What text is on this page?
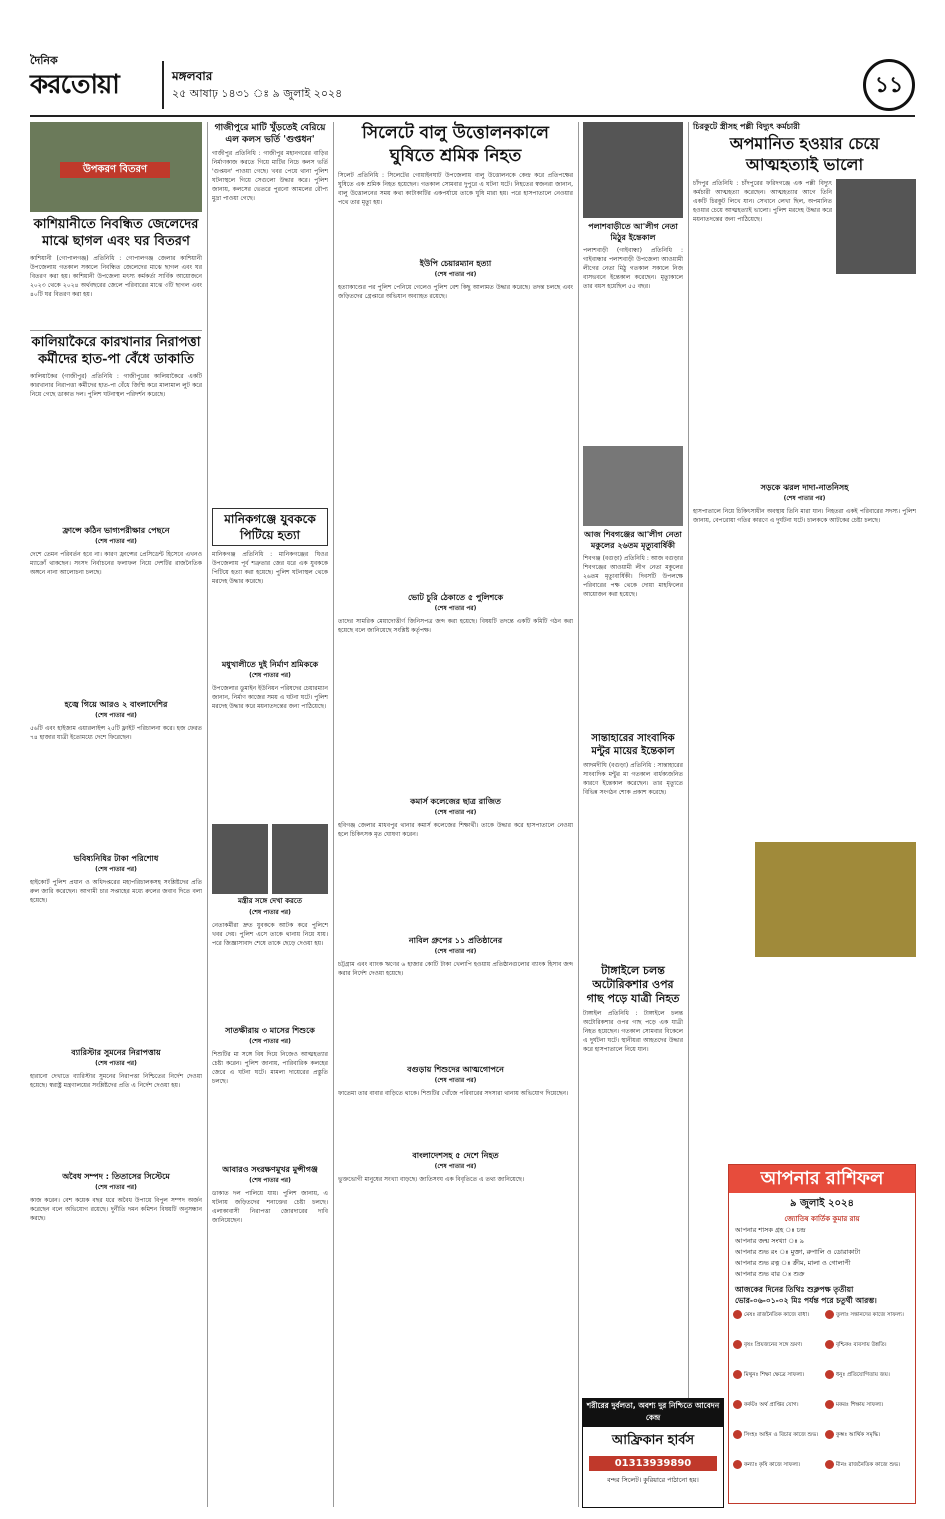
দৈনিক
করতোয়া	মঙ্গলবার
২৫ আষাঢ় ১৪৩১ ঃ ৯ জুলাই ২০২৪	১১
উপকরণ বিতরণ
কাশিয়ানীতে নিবন্ধিত জেলেদের মাঝে ছাগল এবং ঘর বিতরণ
কাশিয়ানী (গোপালগঞ্জ) প্রতিনিধি : গোপালগঞ্জ জেলার কাশিয়ানী উপজেলায় গতকাল সকালে নিবন্ধিত জেলেদের মাঝে ছাগল এবং ঘর বিতরণ করা হয়। কাশিয়ানী উপজেলা মৎস্য কর্মকর্তা সার্বিক আয়োজনে ২০২৩ থেকে ২০২৪ অর্থবছরের জেলে পরিবারের মাঝে ৩টি ছাগল এবং ৪০টি ঘর বিতরণ করা হয়।
কালিয়াকৈরে কারখানার নিরাপত্তা কর্মীদের হাত-পা বেঁধে ডাকাতি
কালিয়াকৈর (গাজীপুর) প্রতিনিধি : গাজীপুরের কালিয়াকৈরে একটি কারখানার নিরাপত্তা কর্মীদের হাত-পা বেঁধে জিম্মি করে মালামাল লুট করে নিয়ে গেছে ডাকাত দল। পুলিশ ঘটনাস্থল পরিদর্শন করেছে।
ফ্রান্সে কঠিন ভাগ্যপরীক্ষার পেছনে
(শেষ পাতার পর)
দেশে তেমন পরিবর্তন হবে না। কারণ ফ্রান্সের প্রেসিডেন্ট হিসেবে এখনও ম্যাক্রোঁ থাকছেন। সংসদ নির্বাচনের ফলাফল নিয়ে দেশটির রাজনৈতিক অঙ্গনে নানা আলোচনা চলছে।
হজ্বে গিয়ে আরও ২ বাংলাদেশির
(শেষ পাতার পর)
৫৬টি এবং হাইজাম এয়ারলাইন্স ২৫টি ফ্লাইট পরিচালনা করে। হজ ফেরত ৭৪ হাজার যাত্রী ইতোমধ্যে দেশে ফিরেছেন।
ভবিষ্যনিধির টাকা পরিশোধ
(শেষ পাতার পর)
হাইকোর্ট পুলিশ প্রধান ও অধিদপ্তরের মহাপরিচালকসহ সংশ্লিষ্টদের প্রতি রুল জারি করেছেন। আগামী চার সপ্তাহের মধ্যে রুলের জবাব দিতে বলা হয়েছে।
ব্যারিস্টার সুমনের নিরাপত্তায়
(শেষ পাতার পর)
হারানো দেখাতে ব্যারিস্টার সুমনের নিরাপত্তা নিশ্চিতের নির্দেশ দেওয়া হয়েছে। স্বরাষ্ট্র মন্ত্রণালয়ের সংশ্লিষ্টদের প্রতি এ নির্দেশ দেওয়া হয়।
অবৈধ সম্পদ : তিতাসের সিস্টেমে
(শেষ পাতার পর)
কাজ করেন। বেশ কয়েক বছর ধরে অবৈধ উপায়ে বিপুল সম্পদ অর্জন করেছেন বলে অভিযোগ রয়েছে। দুর্নীতি দমন কমিশন বিষয়টি অনুসন্ধান করছে।
গাজীপুরে মাটি খুঁড়তেই বেরিয়ে এল কলস ভর্তি 'গুপ্তধন'
গাজীপুর প্রতিনিধি : গাজীপুর মহানগরের বাড়ির নির্মাণকাজ করতে গিয়ে মাটির নিচে কলস ভর্তি 'গুপ্তধন' পাওয়া গেছে। খবর পেয়ে থানা পুলিশ ঘটনাস্থলে গিয়ে সেগুলো উদ্ধার করে। পুলিশ জানায়, কলসের ভেতরে পুরনো আমলের রৌপ্য মুদ্রা পাওয়া গেছে।
মানিকগঞ্জে যুবককে পিটিয়ে হত্যা
মানিকগঞ্জ প্রতিনিধি : মানিকগঞ্জের ঘিওর উপজেলায় পূর্ব শত্রুতার জের ধরে এক যুবককে পিটিয়ে হত্যা করা হয়েছে। পুলিশ ঘটনাস্থল থেকে মরদেহ উদ্ধার করেছে।
মধুখালীতে দুই নির্মাণ শ্রমিককে
(শেষ পাতার পর)
উপজেলার ডুমাইন ইউনিয়ন পরিষদের চেয়ারম্যান জানান, নির্মাণ কাজের সময় এ ঘটনা ঘটে। পুলিশ মরদেহ উদ্ধার করে ময়নাতদন্তের জন্য পাঠিয়েছে।
মন্ত্রীর সঙ্গে দেখা করতে
(শেষ পাতার পর)
নেতাকর্মীরা দ্রুত যুবককে আটক করে পুলিশে খবর দেয়। পুলিশ এসে তাকে থানায় নিয়ে যায়। পরে জিজ্ঞাসাবাদ শেষে তাকে ছেড়ে দেওয়া হয়।
সাতক্ষীরায় ৩ মাসের শিশুকে
(শেষ পাতার পর)
শিশুটির মা সঙ্গে বিষ দিয়ে নিজেও আত্মহত্যার চেষ্টা করেন। পুলিশ জানায়, পারিবারিক কলহের জেরে এ ঘটনা ঘটে। মামলা দায়েরের প্রস্তুতি চলছে।
আবারও সংরক্ষণমুখর মুন্সীগঞ্জ
(শেষ পাতার পর)
ডাকাত দল পালিয়ে যায়। পুলিশ জানায়, এ ঘটনায় জড়িতদের শনাক্তের চেষ্টা চলছে। এলাকাবাসী নিরাপত্তা জোরদারের দাবি জানিয়েছেন।
সিলেটে বালু উত্তোলনকালে ঘুষিতে শ্রমিক নিহত
সিলেট প্রতিনিধি : সিলেটের গোয়াইনঘাট উপজেলায় বালু উত্তোলনকে কেন্দ্র করে প্রতিপক্ষের ঘুষিতে এক শ্রমিক নিহত হয়েছেন। গতকাল সোমবার দুপুরে এ ঘটনা ঘটে। নিহতের স্বজনরা জানান, বালু উত্তোলনের সময় কথা কাটাকাটির একপর্যায়ে তাকে ঘুষি মারা হয়। পরে হাসপাতালে নেওয়ার পথে তার মৃত্যু হয়।
ইউপি চেয়ারম্যান হত্যা
(শেষ পাতার পর)
হত্যাকাণ্ডের পর পুলিশ পেনিয়ে গেলেও পুলিশ বেশ কিছু আলামত উদ্ধার করেছে। তদন্ত চলছে এবং জড়িতদের গ্রেপ্তারে অভিযান অব্যাহত রয়েছে।
ভোট চুরি ঠেকাতে ৫ পুলিশকে
(শেষ পাতার পর)
তাদের সামরিক মেয়াদোত্তীর্ণ জিনিসপত্র জব্দ করা হয়েছে। বিষয়টি তদন্তে একটি কমিটি গঠন করা হয়েছে বলে জানিয়েছে সংশ্লিষ্ট কর্তৃপক্ষ।
কমার্স কলেজের ছাত্র রাজিত
(শেষ পাতার পর)
হবিগঞ্জ জেলার মাধবপুর থানার কমার্স কলেজের শিক্ষার্থী। তাকে উদ্ধার করে হাসপাতালে নেওয়া হলে চিকিৎসক মৃত ঘোষণা করেন।
নাবিল গ্রুপের ১১ প্রতিষ্ঠানের
(শেষ পাতার পর)
চট্টগ্রাম এবং ব্যাংক ঋণের ৬ হাজার কোটি টাকা খেলাপি হওয়ায় প্রতিষ্ঠানগুলোর ব্যাংক হিসাব জব্দ করার নির্দেশ দেওয়া হয়েছে।
বগুড়ায় শিশুদের আত্মগোপনে
(শেষ পাতার পর)
ফাতেমা তার বাবার বাড়িতে থাকে। শিশুটির খোঁজে পরিবারের সদস্যরা থানায় অভিযোগ দিয়েছেন।
বাংলাদেশসহ ৫ দেশে নিহত
(শেষ পাতার পর)
ভুক্তভোগী মানুষের সংখ্যা বাড়ছে। জাতিসংঘ এক বিবৃতিতে এ তথ্য জানিয়েছে।
পলাশবাড়ীতে আ'লীগ নেতা মিঠুর ইন্তেকাল
পলাশবাড়ী (গাইবান্ধা) প্রতিনিধি : গাইবান্ধার পলাশবাড়ী উপজেলা আওয়ামী লীগের নেতা মিঠু গতকাল সকালে নিজ বাসভবনে ইন্তেকাল করেছেন। মৃত্যুকালে তার বয়স হয়েছিল ৫৫ বছর।
আজ শিবগঞ্জের আ'লীগ নেতা মকুলের ২৬তম মৃত্যুবার্ষিকী
শিবগঞ্জ (বগুড়া) প্রতিনিধি : আজ বগুড়ার শিবগঞ্জের আওয়ামী লীগ নেতা মকুলের ২৬তম মৃত্যুবার্ষিকী। দিবসটি উপলক্ষে পরিবারের পক্ষ থেকে দোয়া মাহফিলের আয়োজন করা হয়েছে।
সান্তাহারের সাংবাদিক মন্টুর মায়ের ইন্তেকাল
আদমদীঘি (বগুড়া) প্রতিনিধি : সান্তাহারের সাংবাদিক মন্টুর মা গতকাল বার্ধক্যজনিত কারণে ইন্তেকাল করেছেন। তার মৃত্যুতে বিভিন্ন সংগঠন শোক প্রকাশ করেছে।
টাঙ্গাইলে চলন্ত অটোরিকশার ওপর গাছ পড়ে যাত্রী নিহত
টাঙ্গাইল প্রতিনিধি : টাঙ্গাইলে চলন্ত অটোরিকশার ওপর গাছ পড়ে এক যাত্রী নিহত হয়েছেন। গতকাল সোমবার বিকেলে এ দুর্ঘটনা ঘটে। স্থানীয়রা আহতদের উদ্ধার করে হাসপাতালে নিয়ে যান।
চিরকুটে স্ত্রীসহ পল্লী বিদ্যুৎ কর্মচারী
অপমানিত হওয়ার চেয়ে আত্মহত্যাই ভালো
চাঁদপুর প্রতিনিধি : চাঁদপুরের ফরিদগঞ্জে এক পল্লী বিদ্যুৎ কর্মচারী আত্মহত্যা করেছেন। আত্মহত্যার আগে তিনি একটি চিরকুট লিখে যান। সেখানে লেখা ছিল, অপমানিত হওয়ার চেয়ে আত্মহত্যাই ভালো। পুলিশ মরদেহ উদ্ধার করে ময়নাতদন্তের জন্য পাঠিয়েছে।
সড়কে ঝরল দাদা-নাতনিসহ
(শেষ পাতার পর)
হাসপাতালে নিয়ে চিকিৎসাধীন অবস্থায় তিনি মারা যান। নিহতরা একই পরিবারের সদস্য। পুলিশ জানায়, বেপরোয়া গতির কারণে এ দুর্ঘটনা ঘটে। চালককে আটকের চেষ্টা চলছে।
আপনার রাশিফল
৯ জুলাই ২০২৪
জ্যোতিষ কার্তিক কুমার রায়
আপনার শাসক গ্রহ ঃ চন্দ্র
আপনার জন্ম সংখ্যা ঃ ৯
আপনার শুভ রং ঃ মুক্তা, রুপালি ও ডোরাকাটা
আপনার শুভ রত্ন ঃ ক্রীম, মালা ও গোলাপী
আপনার শুভ বার ঃ শুক্র
আজকের দিনের তিথিঃ শুক্লপক্ষ তৃতীয়া ভোর-০৬-০১-০২ মিঃ পর্যন্ত পরে চতুর্থী আরম্ভ।
মেষঃ রাজনৈতিক কাজে বাধা।
বৃষঃ প্রিয়জনের সঙ্গে ভ্রমণ।
মিথুনঃ শিক্ষা ক্ষেত্রে সাফল্য।
কর্কটঃ অর্থ প্রাপ্তির যোগ।
সিংহঃ আইন ও বিচার কাজে শুভ।
কন্যাঃ কৃষি কাজে সাফল্য।
তুলাঃ সন্তানদের কাজে সাফল্য।
বৃশ্চিকঃ ব্যবসায় উন্নতি।
ধনুঃ প্রতিযোগিতায় জয়।
মকরঃ শিক্ষায় সাফল্য।
কুম্ভঃ আর্থিক সমৃদ্ধি।
মীনঃ রাজনৈতিক কাজে শুভ।
শরীরের দুর্বলতা, অবশ্য দুর নিশ্চিতে আবেদন কেন্দ্র
আফ্রিকান হার্বস
01313939890
বন্দর সিলেট। কুরিয়ারে পাঠানো হয়।
